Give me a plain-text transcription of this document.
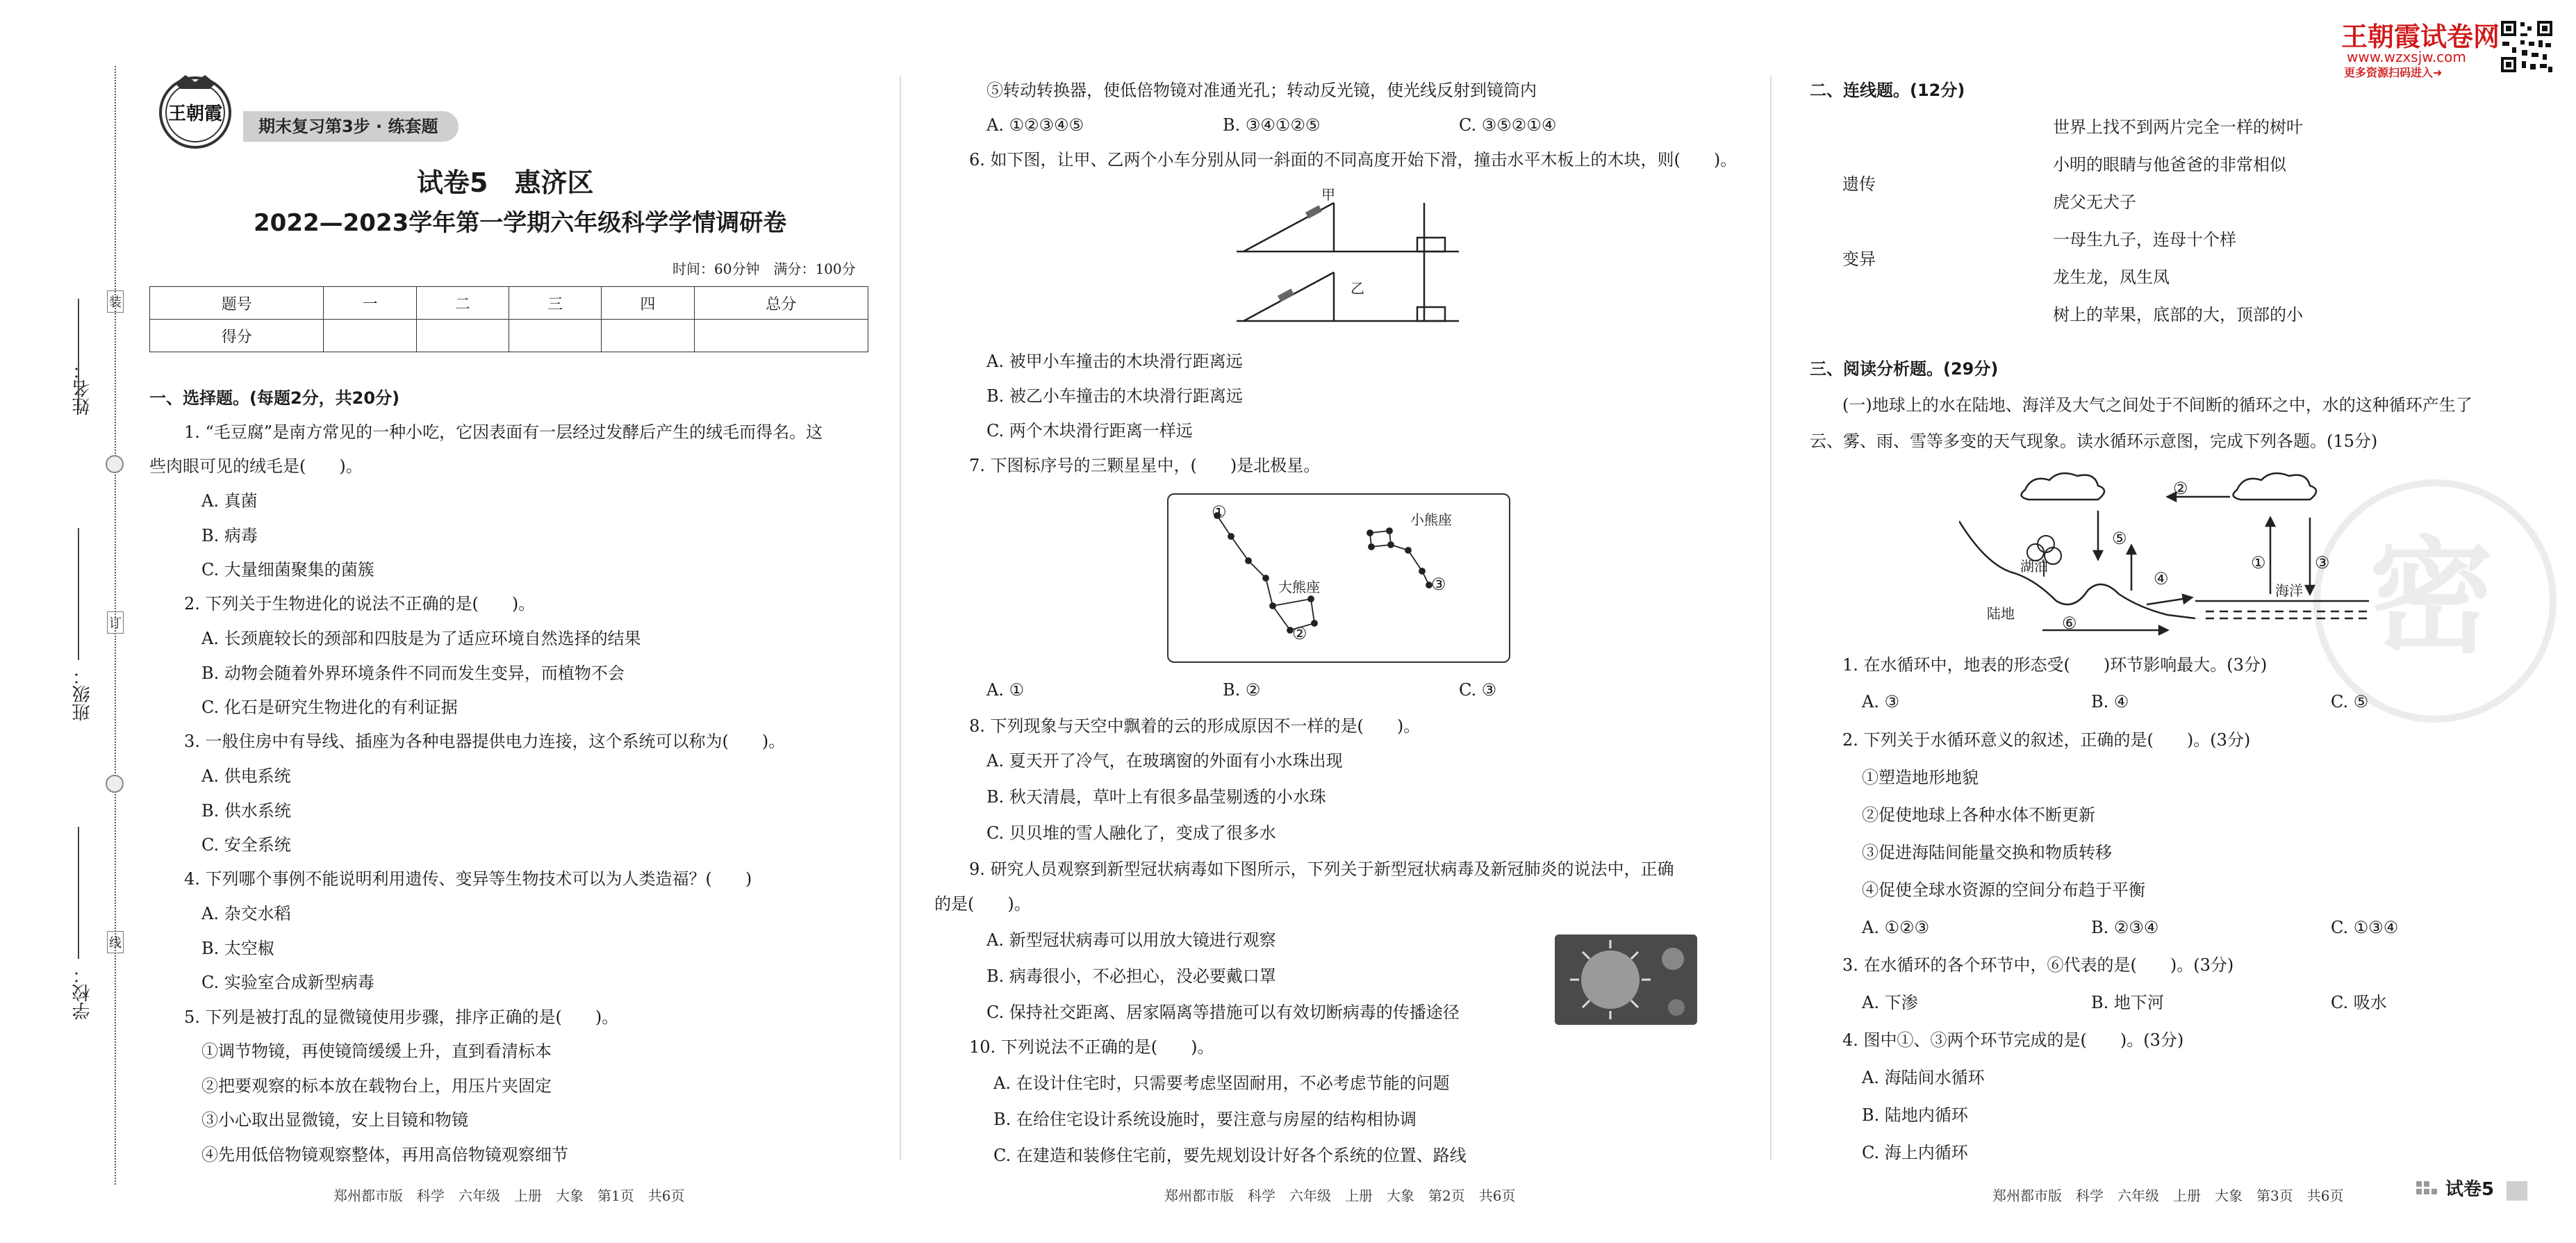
姓名：
班级：
学校：
装
订
线
王朝霞试卷网
www.wzxsjw.com
更多资源扫码进入➜
王朝霞
期末复习第3步 · 练套题
试卷5　惠济区
2022—2023学年第一学期六年级科学学情调研卷
时间：60分钟　满分：100分
题号	一	二	三	四	总分
得分					
一、选择题。(每题2分，共20分)
1. “毛豆腐”是南方常见的一种小吃，它因表面有一层经过发酵后产生的绒毛而得名。这
些肉眼可见的绒毛是(　　)。
A. 真菌
B. 病毒
C. 大量细菌聚集的菌簇
2. 下列关于生物进化的说法不正确的是(　　)。
A. 长颈鹿较长的颈部和四肢是为了适应环境自然选择的结果
B. 动物会随着外界环境条件不同而发生变异，而植物不会
C. 化石是研究生物进化的有利证据
3. 一般住房中有导线、插座为各种电器提供电力连接，这个系统可以称为(　　)。
A. 供电系统
B. 供水系统
C. 安全系统
4. 下列哪个事例不能说明利用遗传、变异等生物技术可以为人类造福？(　　)
A. 杂交水稻
B. 太空椒
C. 实验室合成新型病毒
5. 下列是被打乱的显微镜使用步骤，排序正确的是(　　)。
①调节物镜，再使镜筒缓缓上升，直到看清标本
②把要观察的标本放在载物台上，用压片夹固定
③小心取出显微镜，安上目镜和物镜
④先用低倍物镜观察整体，再用高倍物镜观察细节
郑州都市版　科学　六年级　上册　大象　第1页　共6页
⑤转动转换器，使低倍物镜对准通光孔；转动反光镜，使光线反射到镜筒内
A. ①②③④⑤	B. ③④①②⑤	C. ③⑤②①④
6. 如下图，让甲、乙两个小车分别从同一斜面的不同高度开始下滑，撞击水平木板上的木块，则(　　)。
甲
乙
A. 被甲小车撞击的木块滑行距离远
B. 被乙小车撞击的木块滑行距离远
C. 两个木块滑行距离一样远
7. 下图标序号的三颗星星中，(　　)是北极星。
①
②
③
小熊座
大熊座
A. ①	B. ②	C. ③
8. 下列现象与天空中飘着的云的形成原因不一样的是(　　)。
A. 夏天开了冷气，在玻璃窗的外面有小水珠出现
B. 秋天清晨，草叶上有很多晶莹剔透的小水珠
C. 贝贝堆的雪人融化了，变成了很多水
9. 研究人员观察到新型冠状病毒如下图所示，下列关于新型冠状病毒及新冠肺炎的说法中，正确
的是(　　)。
A. 新型冠状病毒可以用放大镜进行观察
B. 病毒很小，不必担心，没必要戴口罩
C. 保持社交距离、居家隔离等措施可以有效切断病毒的传播途径
10. 下列说法不正确的是(　　)。
A. 在设计住宅时，只需要考虑坚固耐用，不必考虑节能的问题
B. 在给住宅设计系统设施时，要注意与房屋的结构相协调
C. 在建造和装修住宅前，要先规划设计好各个系统的位置、路线
郑州都市版　科学　六年级　上册　大象　第2页　共6页
密
二、连线题。(12分)
遗传
变异
世界上找不到两片完全一样的树叶
小明的眼睛与他爸爸的非常相似
虎父无犬子
一母生九子，连母十个样
龙生龙，凤生凤
树上的苹果，底部的大，顶部的小
三、阅读分析题。(29分)
(一)地球上的水在陆地、海洋及大气之间处于不间断的循环之中，水的这种循环产生了
云、雾、雨、雪等多变的天气现象。读水循环示意图，完成下列各题。(15分)
湖泊
海洋
陆地
①
②
③
④
⑤
⑥
1. 在水循环中，地表的形态受(　　)环节影响最大。(3分)
A. ③	B. ④	C. ⑤
2. 下列关于水循环意义的叙述，正确的是(　　)。(3分)
①塑造地形地貌
②促使地球上各种水体不断更新
③促进海陆间能量交换和物质转移
④促使全球水资源的空间分布趋于平衡
A. ①②③	B. ②③④	C. ①③④
3. 在水循环的各个环节中，⑥代表的是(　　)。(3分)
A. 下渗	B. 地下河	C. 吸水
4. 图中①、③两个环节完成的是(　　)。(3分)
A. 海陆间水循环
B. 陆地内循环
C. 海上内循环
郑州都市版　科学　六年级　上册　大象　第3页　共6页	试卷5
